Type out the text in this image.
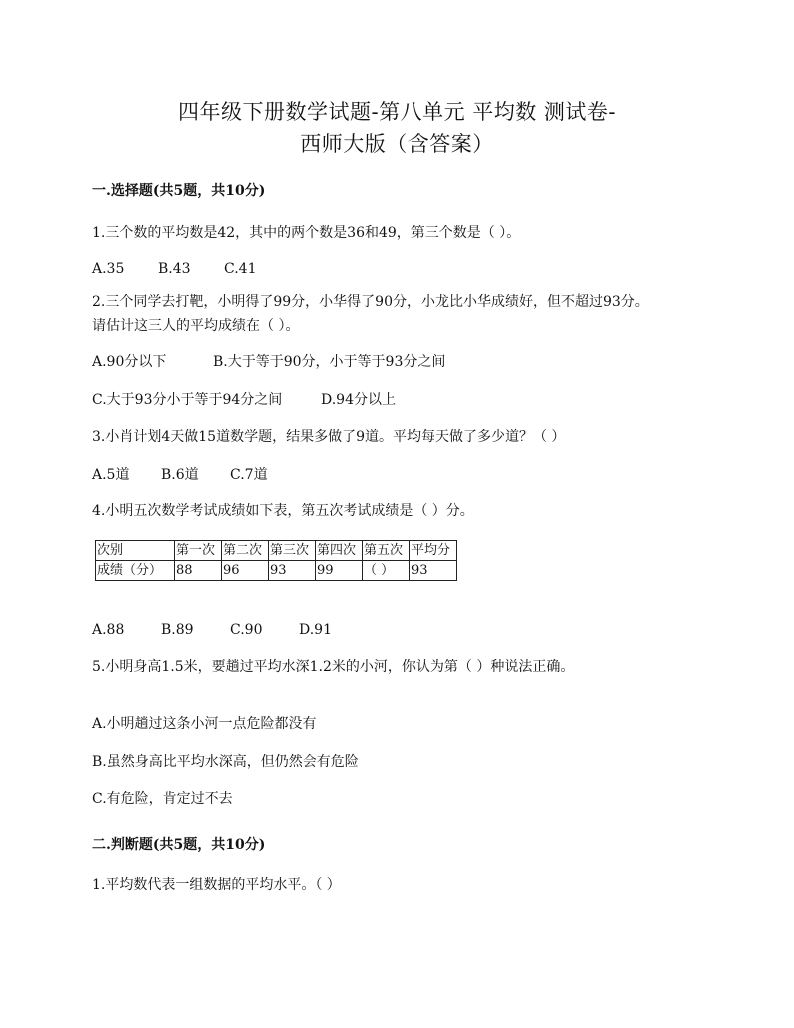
四年级下册数学试题-第八单元 平均数 测试卷-
西师大版（含答案）
一.选择题(共5题，共10分)
1.三个数的平均数是42，其中的两个数是36和49，第三个数是（ ）。
A.35 B.43 C.41
2.三个同学去打靶，小明得了99分，小华得了90分，小龙比小华成绩好，但不超过93分。
请估计这三人的平均成绩在（ ）。
A.90分以下	B.大于等于90分，小于等于93分之间
C.大于93分小于等于94分之间	D.94分以上
3.小肖计划4天做15道数学题，结果多做了9道。平均每天做了多少道？（ ）
A.5道 B.6道 C.7道
4.小明五次数学考试成绩如下表，第五次考试成绩是（ ）分。
次别	第一次	第二次	第三次	第四次	第五次	平均分
成绩（分）	88	96	93	99	（ ）	93
A.88	B.89	C.90	D.91
5.小明身高1.5米，要趟过平均水深1.2米的小河，你认为第（ ）种说法正确。
A.小明趟过这条小河一点危险都没有
B.虽然身高比平均水深高，但仍然会有危险
C.有危险，肯定过不去
二.判断题(共5题，共10分)
1.平均数代表一组数据的平均水平。（ ）
